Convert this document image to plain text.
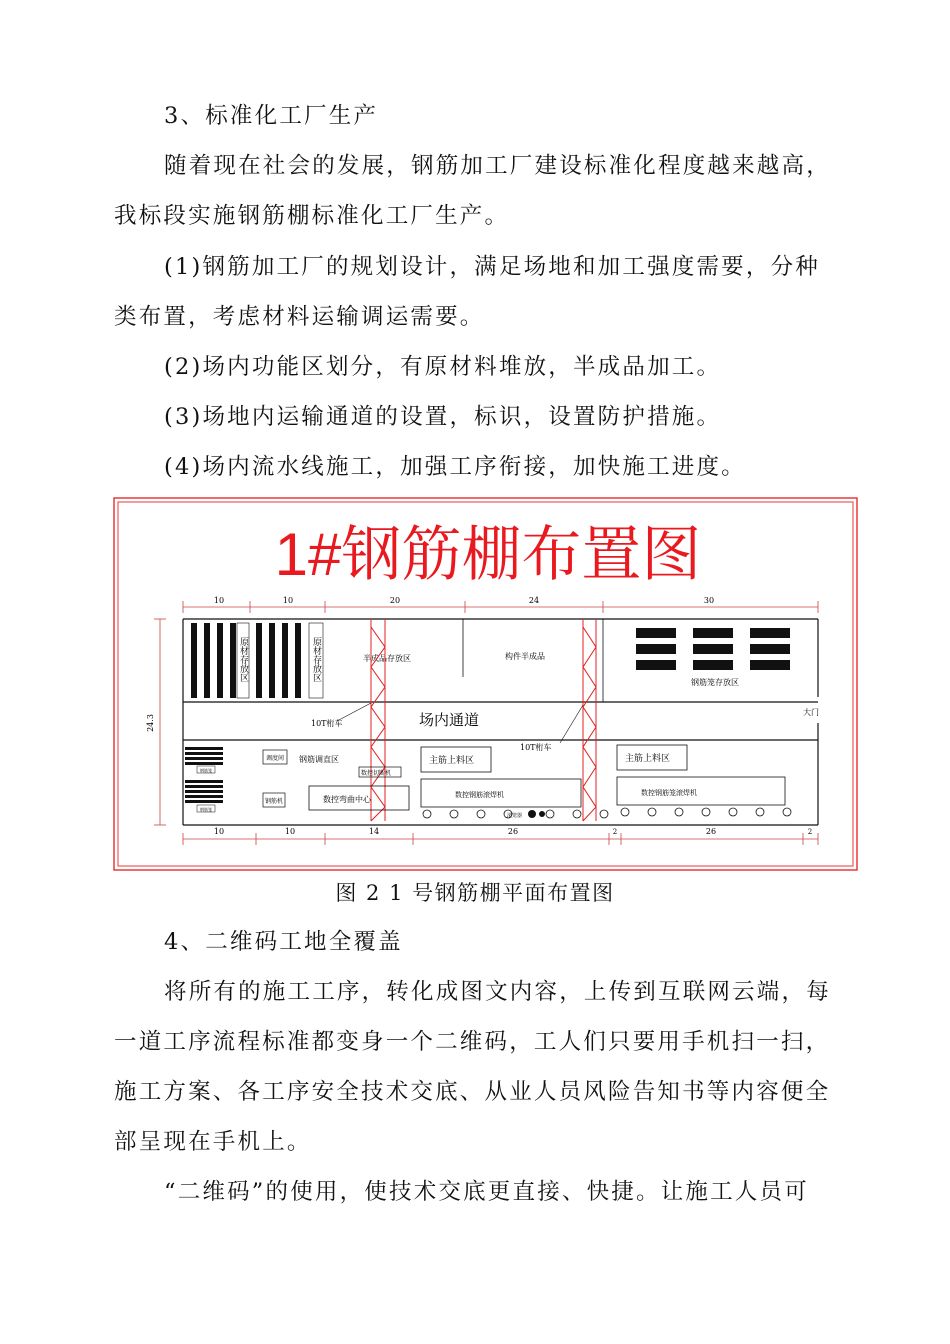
3、标准化工厂生产
随着现在社会的发展，钢筋加工厂建设标准化程度越来越高，
我标段实施钢筋棚标准化工厂生产。
(1)钢筋加工厂的规划设计，满足场地和加工强度需要，分种
类布置，考虑材料运输调运需要。
(2)场内功能区划分，有原材料堆放，半成品加工。
(3)场地内运输通道的设置，标识，设置防护措施。
(4)场内流水线施工，加强工序衔接，加快施工进度。
1#钢筋棚布置图
10	10	20	24	30
24.3
原材存放区	原材存放区	半成品存放区	构件半成品
钢筋笼存放区
场内通道	大门
10T桁车
10T桁车
钢筋笼
钢筋笼
调度间 钢筋调直区
数控切断机
钢筋机	数控弯曲中心
主筋上料区
数控钢筋滚焊机
主筋上料区
数控钢筋笼滚焊机
滚笼器
10	10	14	26	2	26	2
图 2 1 号钢筋棚平面布置图
4、二维码工地全覆盖
将所有的施工工序，转化成图文内容，上传到互联网云端，每
一道工序流程标准都变身一个二维码，工人们只要用手机扫一扫，
施工方案、各工序安全技术交底、从业人员风险告知书等内容便全
部呈现在手机上。
“二维码”的使用，使技术交底更直接、快捷。让施工人员可
